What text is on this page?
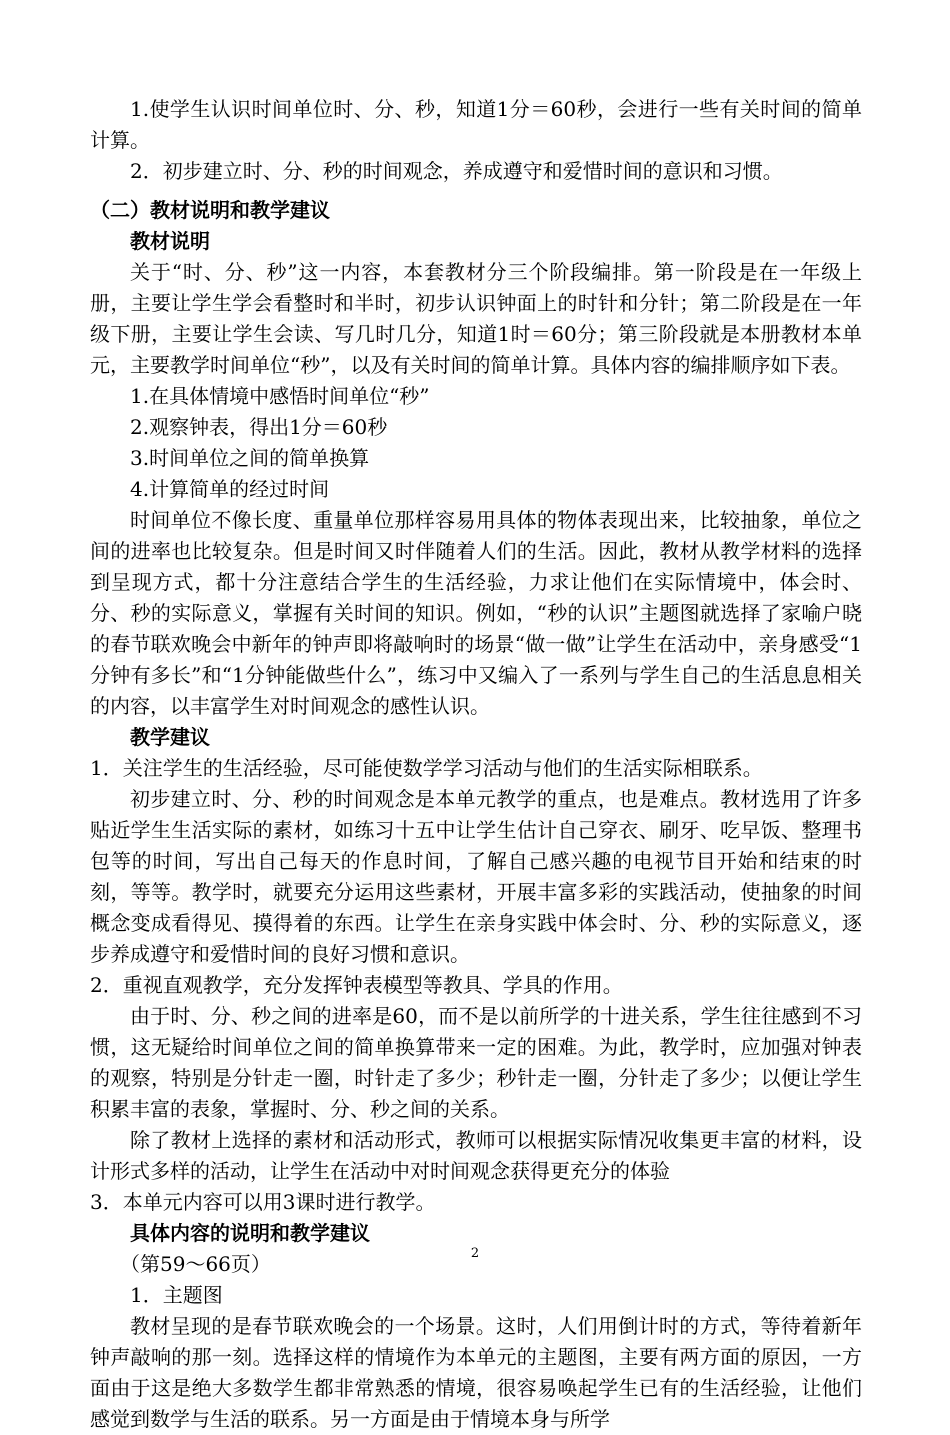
1.使学生认识时间单位时、分、秒，知道1分＝60秒，会进行一些有关时间的简单计算。

2．初步建立时、分、秒的时间观念，养成遵守和爱惜时间的意识和习惯。

（二）教材说明和教学建议

教材说明

关于“时、分、秒”这一内容，本套教材分三个阶段编排。第一阶段是在一年级上册，主要让学生学会看整时和半时，初步认识钟面上的时针和分针；第二阶段是在一年级下册，主要让学生会读、写几时几分，知道1时＝60分；第三阶段就是本册教材本单元，主要教学时间单位“秒”，以及有关时间的简单计算。具体内容的编排顺序如下表。

1.在具体情境中感悟时间单位“秒”

2.观察钟表，得出1分＝60秒

3.时间单位之间的简单换算

4.计算简单的经过时间

时间单位不像长度、重量单位那样容易用具体的物体表现出来，比较抽象，单位之间的进率也比较复杂。但是时间又时伴随着人们的生活。因此，教材从教学材料的选择到呈现方式，都十分注意结合学生的生活经验，力求让他们在实际情境中，体会时、分、秒的实际意义，掌握有关时间的知识。例如，“秒的认识”主题图就选择了家喻户晓的春节联欢晚会中新年的钟声即将敲响时的场景“做一做”让学生在活动中，亲身感受“1分钟有多长”和“1分钟能做些什么”，练习中又编入了一系列与学生自己的生活息息相关的内容，以丰富学生对时间观念的感性认识。

教学建议

1．关注学生的生活经验，尽可能使数学学习活动与他们的生活实际相联系。

初步建立时、分、秒的时间观念是本单元教学的重点，也是难点。教材选用了许多贴近学生生活实际的素材，如练习十五中让学生估计自己穿衣、刷牙、吃早饭、整理书包等的时间，写出自己每天的作息时间，了解自己感兴趣的电视节目开始和结束的时刻，等等。教学时，就要充分运用这些素材，开展丰富多彩的实践活动，使抽象的时间概念变成看得见、摸得着的东西。让学生在亲身实践中体会时、分、秒的实际意义，逐步养成遵守和爱惜时间的良好习惯和意识。

2．重视直观教学，充分发挥钟表模型等教具、学具的作用。

由于时、分、秒之间的进率是60，而不是以前所学的十进关系，学生往往感到不习惯，这无疑给时间单位之间的简单换算带来一定的困难。为此，教学时，应加强对钟表的观察，特别是分针走一圈，时针走了多少；秒针走一圈，分针走了多少；以便让学生积累丰富的表象，掌握时、分、秒之间的关系。

除了教材上选择的素材和活动形式，教师可以根据实际情况收集更丰富的材料，设计形式多样的活动，让学生在活动中对时间观念获得更充分的体验

3．本单元内容可以用3课时进行教学。

具体内容的说明和教学建议

（第59～66页）

1．主题图

教材呈现的是春节联欢晚会的一个场景。这时，人们用倒计时的方式，等待着新年钟声敲响的那一刻。选择这样的情境作为本单元的主题图，主要有两方面的原因，一方面由于这是绝大多数学生都非常熟悉的情境，很容易唤起学生已有的生活经验，让他们感觉到数学与生活的联系。另一方面是由于情境本身与所学

2
